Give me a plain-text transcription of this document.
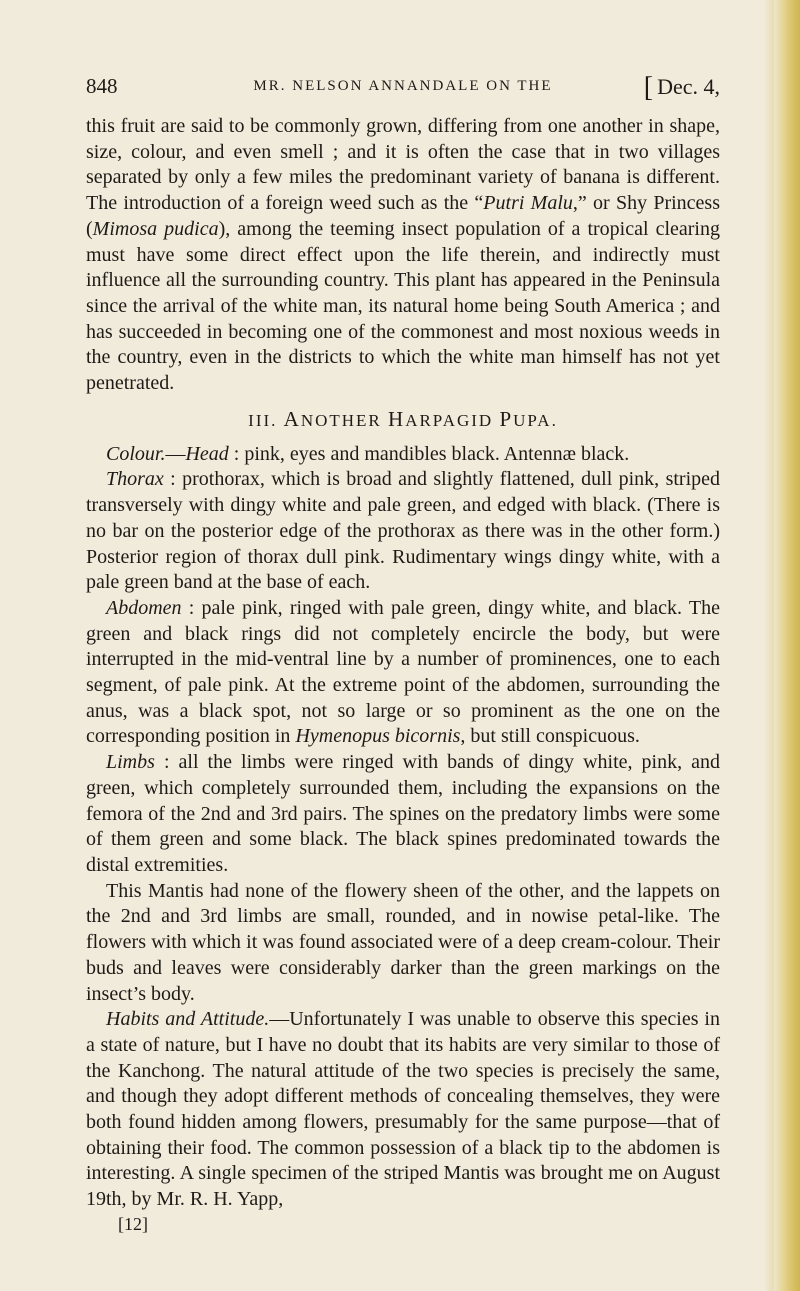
848	MR. NELSON ANNANDALE ON THE	[ Dec. 4,

this fruit are said to be commonly grown, differing from one another in shape, size, colour, and even smell ; and it is often the case that in two villages separated by only a few miles the predominant variety of banana is different. The introduction of a foreign weed such as the “Putri Malu,” or Shy Princess (Mimosa pudica), among the teeming insect population of a tropical clearing must have some direct effect upon the life therein, and indirectly must influence all the surrounding country. This plant has appeared in the Peninsula since the arrival of the white man, its natural home being South America ; and has succeeded in becoming one of the commonest and most noxious weeds in the country, even in the districts to which the white man himself has not yet penetrated.

III. ANOTHER HARPAGID PUPA.

Colour.—Head : pink, eyes and mandibles black. Antennæ black.

Thorax : prothorax, which is broad and slightly flattened, dull pink, striped transversely with dingy white and pale green, and edged with black. (There is no bar on the posterior edge of the prothorax as there was in the other form.) Posterior region of thorax dull pink. Rudimentary wings dingy white, with a pale green band at the base of each.

Abdomen : pale pink, ringed with pale green, dingy white, and black. The green and black rings did not completely encircle the body, but were interrupted in the mid-ventral line by a number of prominences, one to each segment, of pale pink. At the extreme point of the abdomen, surrounding the anus, was a black spot, not so large or so prominent as the one on the corresponding position in Hymenopus bicornis, but still conspicuous.

Limbs : all the limbs were ringed with bands of dingy white, pink, and green, which completely surrounded them, including the expansions on the femora of the 2nd and 3rd pairs. The spines on the predatory limbs were some of them green and some black. The black spines predominated towards the distal extremities.

This Mantis had none of the flowery sheen of the other, and the lappets on the 2nd and 3rd limbs are small, rounded, and in nowise petal-like. The flowers with which it was found associated were of a deep cream-colour. Their buds and leaves were considerably darker than the green markings on the insect’s body.

Habits and Attitude.—Unfortunately I was unable to observe this species in a state of nature, but I have no doubt that its habits are very similar to those of the Kanchong. The natural attitude of the two species is precisely the same, and though they adopt different methods of concealing themselves, they were both found hidden among flowers, presumably for the same purpose—that of obtaining their food. The common possession of a black tip to the abdomen is interesting. A single specimen of the striped Mantis was brought me on August 19th, by Mr. R. H. Yapp,

[12]
